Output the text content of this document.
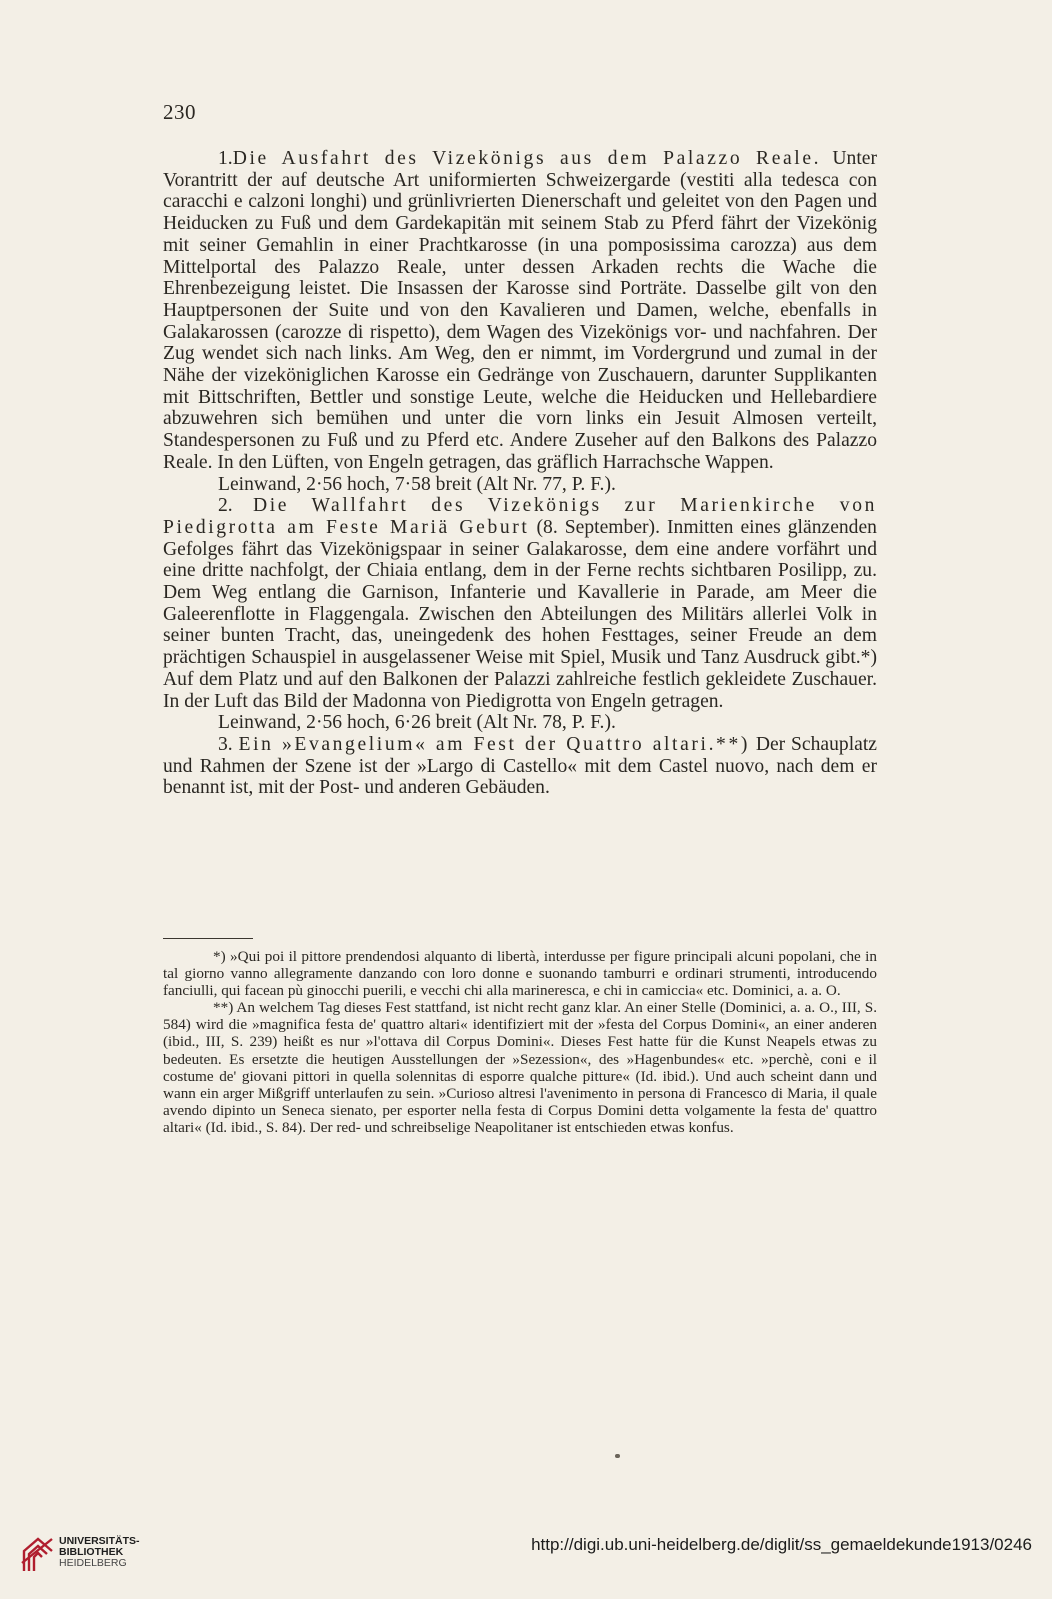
230

1.Die Ausfahrt des Vizekönigs aus dem Palazzo Reale. Unter Vorantritt der auf deutsche Art uniformierten Schweizergarde (vestiti alla tedesca con caracchi e calzoni longhi) und grünlivrierten Dienerschaft und geleitet von den Pagen und Heiducken zu Fuß und dem Gardekapitän mit seinem Stab zu Pferd fährt der Vizekönig mit seiner Gemahlin in einer Prachtkarosse (in una pomposissima carozza) aus dem Mittelportal des Palazzo Reale, unter dessen Arkaden rechts die Wache die Ehrenbezeigung leistet. Die Insassen der Karosse sind Porträte. Dasselbe gilt von den Hauptpersonen der Suite und von den Kavalieren und Damen, welche, ebenfalls in Galakarossen (carozze di rispetto), dem Wagen des Vizekönigs vor- und nachfahren. Der Zug wendet sich nach links. Am Weg, den er nimmt, im Vordergrund und zumal in der Nähe der vizeköniglichen Karosse ein Gedränge von Zuschauern, darunter Supplikanten mit Bittschriften, Bettler und sonstige Leute, welche die Heiducken und Hellebardiere abzuwehren sich bemühen und unter die vorn links ein Jesuit Almosen verteilt, Standespersonen zu Fuß und zu Pferd etc. Andere Zuseher auf den Balkons des Palazzo Reale. In den Lüften, von Engeln getragen, das gräflich Harrachsche Wappen.

Leinwand, 2·56 hoch, 7·58 breit (Alt Nr. 77, P. F.).

2. Die Wallfahrt des Vizekönigs zur Marienkirche von Piedigrotta am Feste Mariä Geburt (8. September). Inmitten eines glänzenden Gefolges fährt das Vizekönigspaar in seiner Galakarosse, dem eine andere vorfährt und eine dritte nachfolgt, der Chiaia entlang, dem in der Ferne rechts sichtbaren Posilipp, zu. Dem Weg entlang die Garnison, Infanterie und Kavallerie in Parade, am Meer die Galeerenflotte in Flaggengala. Zwischen den Abteilungen des Militärs allerlei Volk in seiner bunten Tracht, das, uneingedenk des hohen Festtages, seiner Freude an dem prächtigen Schauspiel in ausgelassener Weise mit Spiel, Musik und Tanz Ausdruck gibt.*) Auf dem Platz und auf den Balkonen der Palazzi zahlreiche festlich gekleidete Zuschauer. In der Luft das Bild der Madonna von Piedigrotta von Engeln getragen.

Leinwand, 2·56 hoch, 6·26 breit (Alt Nr. 78, P. F.).

3. Ein »Evangelium« am Fest der Quattro altari.**) Der Schauplatz und Rahmen der Szene ist der »Largo di Castello« mit dem Castel nuovo, nach dem er benannt ist, mit der Post- und anderen Gebäuden.

*) »Qui poi il pittore prendendosi alquanto di libertà, interdusse per figure principali alcuni popolani, che in tal giorno vanno allegramente danzando con loro donne e suonando tamburri e ordinari strumenti, introducendo fanciulli, qui facean pù ginocchi puerili, e vecchi chi alla marineresca, e chi in camiccia« etc. Dominici, a. a. O.

**) An welchem Tag dieses Fest stattfand, ist nicht recht ganz klar. An einer Stelle (Dominici, a. a. O., III, S. 584) wird die »magnifica festa de' quattro altari« identifiziert mit der »festa del Corpus Domini«, an einer anderen (ibid., III, S. 239) heißt es nur »l'ottava dil Corpus Domini«. Dieses Fest hatte für die Kunst Neapels etwas zu bedeuten. Es ersetzte die heutigen Ausstellungen der »Sezession«, des »Hagenbundes« etc. »perchè, coni e il costume de' giovani pittori in quella solennitas di esporre qualche pitture« (Id. ibid.). Und auch scheint dann und wann ein arger Mißgriff unterlaufen zu sein. »Curioso altresi l'avenimento in persona di Francesco di Maria, il quale avendo dipinto un Seneca sienato, per esporter nella festa di Corpus Domini detta volgamente la festa de' quattro altari« (Id. ibid., S. 84). Der red- und schreibselige Neapolitaner ist entschieden etwas konfus.

UNIVERSITÄTS-
BIBLIOTHEK
HEIDELBERG
http://digi.ub.uni-heidelberg.de/diglit/ss_gemaeldekunde1913/0246
